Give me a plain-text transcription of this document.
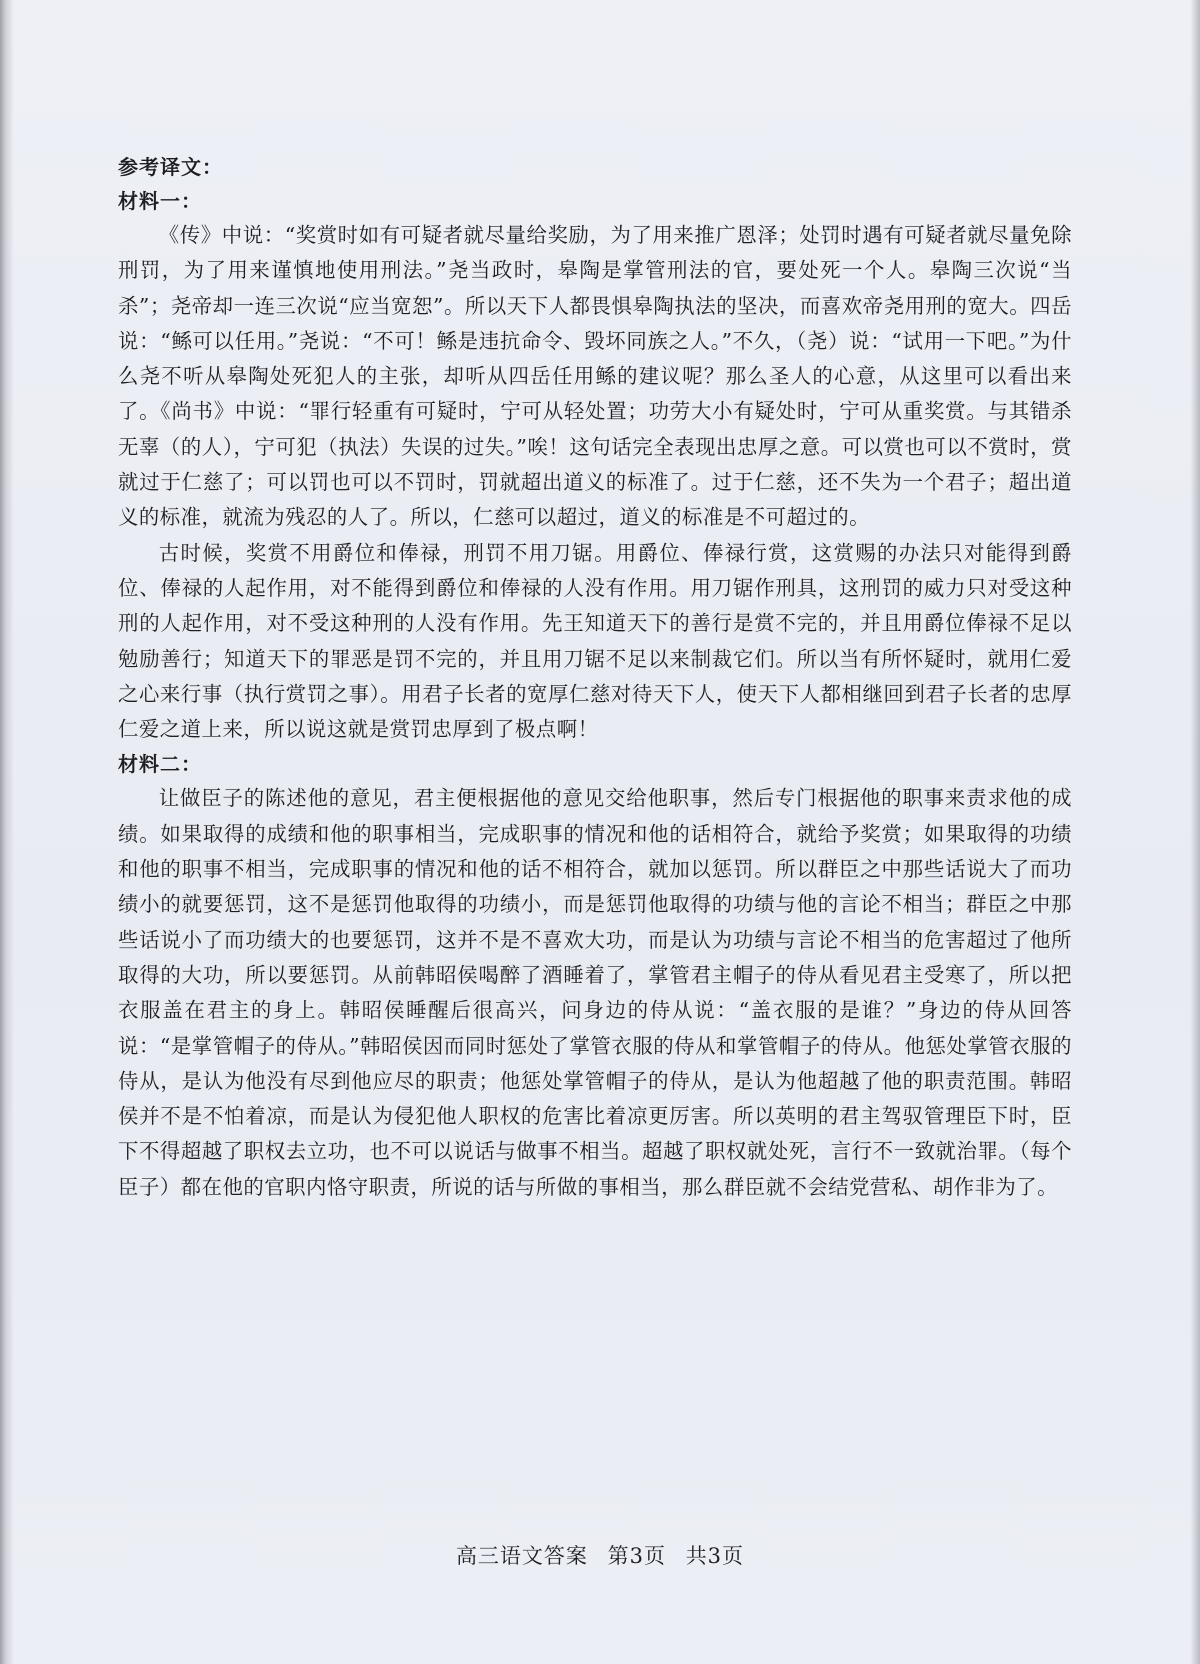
参考译文：
材料一：

《传》中说：“奖赏时如有可疑者就尽量给奖励，为了用来推广恩泽；处罚时遇有可疑者就尽量免除刑罚，为了用来谨慎地使用刑法。”尧当政时，皋陶是掌管刑法的官，要处死一个人。皋陶三次说“当杀”；尧帝却一连三次说“应当宽恕”。所以天下人都畏惧皋陶执法的坚决，而喜欢帝尧用刑的宽大。四岳说：“鲧可以任用。”尧说：“不可！鲧是违抗命令、毁坏同族之人。”不久，（尧）说：“试用一下吧。”为什么尧不听从皋陶处死犯人的主张，却听从四岳任用鲧的建议呢？那么圣人的心意，从这里可以看出来了。《尚书》中说：“罪行轻重有可疑时，宁可从轻处置；功劳大小有疑处时，宁可从重奖赏。与其错杀无辜（的人），宁可犯（执法）失误的过失。”唉！这句话完全表现出忠厚之意。可以赏也可以不赏时，赏就过于仁慈了；可以罚也可以不罚时，罚就超出道义的标准了。过于仁慈，还不失为一个君子；超出道义的标准，就流为残忍的人了。所以，仁慈可以超过，道义的标准是不可超过的。

古时候，奖赏不用爵位和俸禄，刑罚不用刀锯。用爵位、俸禄行赏，这赏赐的办法只对能得到爵位、俸禄的人起作用，对不能得到爵位和俸禄的人没有作用。用刀锯作刑具，这刑罚的威力只对受这种刑的人起作用，对不受这种刑的人没有作用。先王知道天下的善行是赏不完的，并且用爵位俸禄不足以勉励善行；知道天下的罪恶是罚不完的，并且用刀锯不足以来制裁它们。所以当有所怀疑时，就用仁爱之心来行事（执行赏罚之事）。用君子长者的宽厚仁慈对待天下人，使天下人都相继回到君子长者的忠厚仁爱之道上来，所以说这就是赏罚忠厚到了极点啊！

材料二：

让做臣子的陈述他的意见，君主便根据他的意见交给他职事，然后专门根据他的职事来责求他的成绩。如果取得的成绩和他的职事相当，完成职事的情况和他的话相符合，就给予奖赏；如果取得的功绩和他的职事不相当，完成职事的情况和他的话不相符合，就加以惩罚。所以群臣之中那些话说大了而功绩小的就要惩罚，这不是惩罚他取得的功绩小，而是惩罚他取得的功绩与他的言论不相当；群臣之中那些话说小了而功绩大的也要惩罚，这并不是不喜欢大功，而是认为功绩与言论不相当的危害超过了他所取得的大功，所以要惩罚。从前韩昭侯喝醉了酒睡着了，掌管君主帽子的侍从看见君主受寒了，所以把衣服盖在君主的身上。韩昭侯睡醒后很高兴，问身边的侍从说：“盖衣服的是谁？”身边的侍从回答说：“是掌管帽子的侍从。”韩昭侯因而同时惩处了掌管衣服的侍从和掌管帽子的侍从。他惩处掌管衣服的侍从，是认为他没有尽到他应尽的职责；他惩处掌管帽子的侍从，是认为他超越了他的职责范围。韩昭侯并不是不怕着凉，而是认为侵犯他人职权的危害比着凉更厉害。所以英明的君主驾驭管理臣下时，臣下不得超越了职权去立功，也不可以说话与做事不相当。超越了职权就处死，言行不一致就治罪。（每个臣子）都在他的官职内恪守职责，所说的话与所做的事相当，那么群臣就不会结党营私、胡作非为了。

高三语文答案 第3页 共3页
